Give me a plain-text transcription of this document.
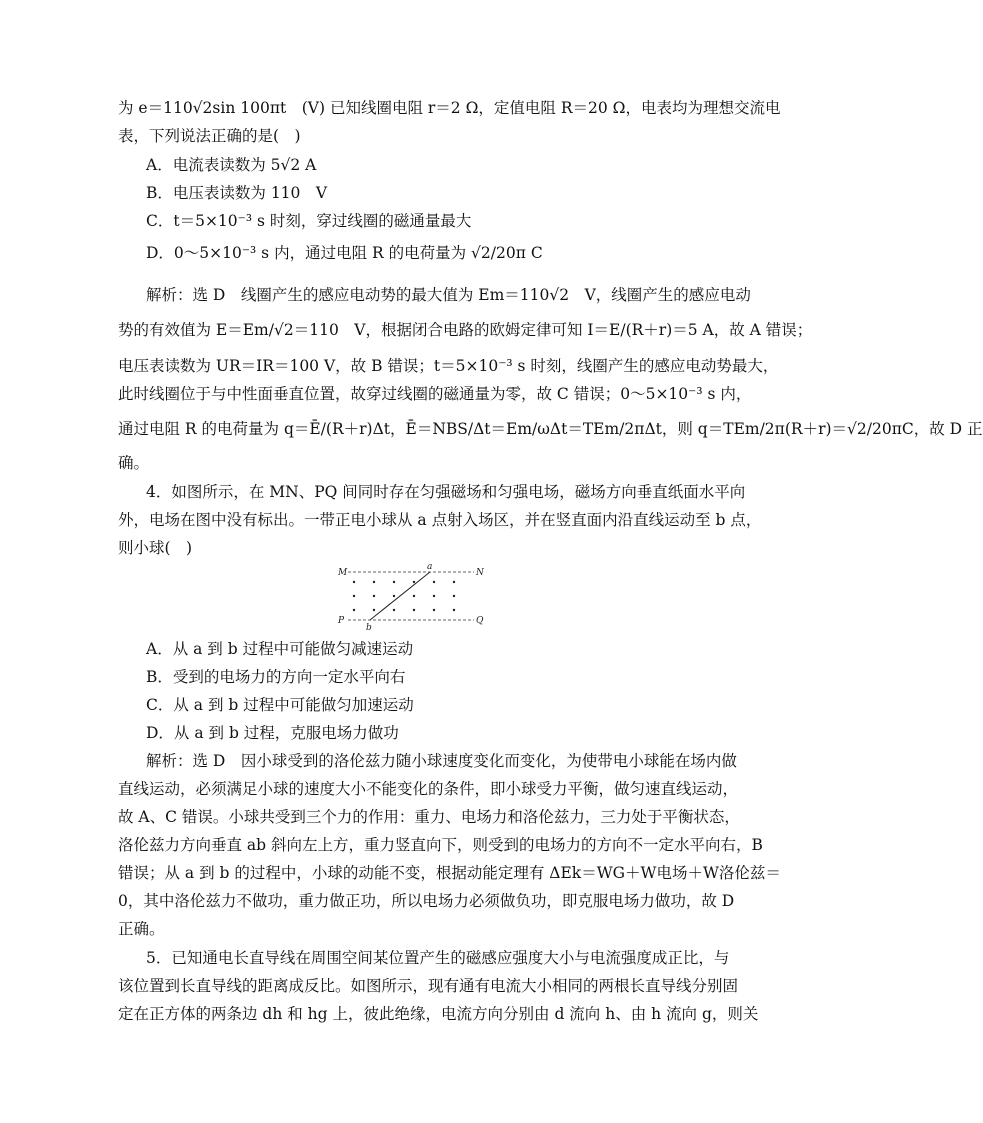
为 e＝110√2sin 100πt　(V) 已知线圈电阻 r＝2 Ω，定值电阻 R＝20 Ω，电表均为理想交流电
表，下列说法正确的是(　)
A．电流表读数为 5√2 A
B．电压表读数为 110　V
C．t＝5×10⁻³ s 时刻，穿过线圈的磁通量最大
D．0～5×10⁻³ s 内，通过电阻 R 的电荷量为 √2/20π C
解析：选 D　线圈产生的感应电动势的最大值为 Em＝110√2　V，线圈产生的感应电动
势的有效值为 E＝Em/√2＝110　V，根据闭合电路的欧姆定律可知 I＝E/(R＋r)＝5 A，故 A 错误；
电压表读数为 UR＝IR＝100 V，故 B 错误；t＝5×10⁻³ s 时刻，线圈产生的感应电动势最大，
此时线圈位于与中性面垂直位置，故穿过线圈的磁通量为零，故 C 错误；0～5×10⁻³ s 内，
通过电阻 R 的电荷量为 q＝Ē/(R＋r)Δt，Ē＝NBS/Δt＝Em/ωΔt＝TEm/2πΔt，则 q＝TEm/2π(R＋r)＝√2/20πC，故 D 正
确。
4．如图所示，在 MN、PQ 间同时存在匀强磁场和匀强电场，磁场方向垂直纸面水平向
外，电场在图中没有标出。一带正电小球从 a 点射入场区，并在竖直面内沿直线运动至 b 点，
则小球(　)
M	N
P	Q
a
b
A．从 a 到 b 过程中可能做匀减速运动
B．受到的电场力的方向一定水平向右
C．从 a 到 b 过程中可能做匀加速运动
D．从 a 到 b 过程，克服电场力做功
解析：选 D　因小球受到的洛伦兹力随小球速度变化而变化，为使带电小球能在场内做
直线运动，必须满足小球的速度大小不能变化的条件，即小球受力平衡，做匀速直线运动，
故 A、C 错误。小球共受到三个力的作用：重力、电场力和洛伦兹力，三力处于平衡状态，
洛伦兹力方向垂直 ab 斜向左上方，重力竖直向下，则受到的电场力的方向不一定水平向右，B
错误；从 a 到 b 的过程中，小球的动能不变，根据动能定理有 ΔEk＝WG＋W电场＋W洛伦兹＝
0，其中洛伦兹力不做功，重力做正功，所以电场力必须做负功，即克服电场力做功，故 D
正确。
5．已知通电长直导线在周围空间某位置产生的磁感应强度大小与电流强度成正比，与
该位置到长直导线的距离成反比。如图所示，现有通有电流大小相同的两根长直导线分别固
定在正方体的两条边 dh 和 hg 上，彼此绝缘，电流方向分别由 d 流向 h、由 h 流向 g，则关
